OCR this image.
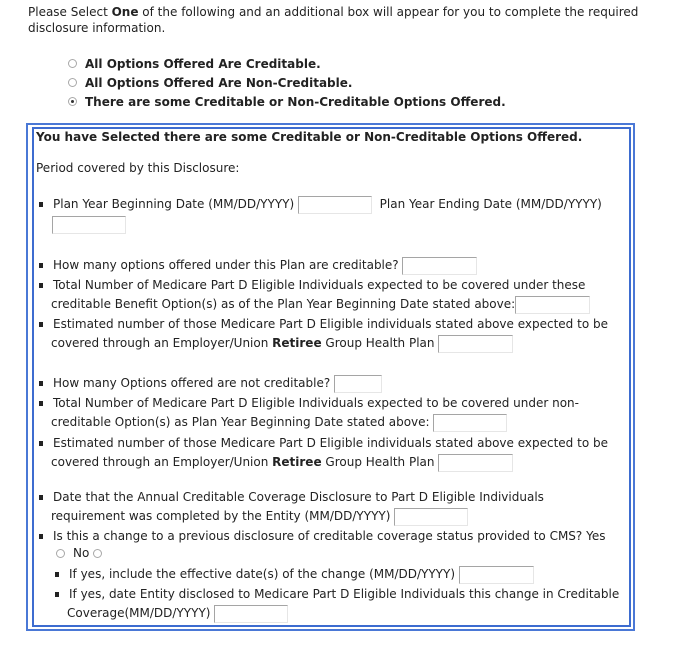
Please Select One of the following and an additional box will appear for you to complete the required disclosure information.
All Options Offered Are Creditable.
All Options Offered Are Non-Creditable.
There are some Creditable or Non-Creditable Options Offered.
You have Selected there are some Creditable or Non-Creditable Options Offered.
Period covered by this Disclosure:
Plan Year Beginning Date (MM/DD/YYYY)	Plan Year Ending Date (MM/DD/YYYY)
How many options offered under this Plan are creditable?
Total Number of Medicare Part D Eligible Individuals expected to be covered under these
creditable Benefit Option(s) as of the Plan Year Beginning Date stated above:
Estimated number of those Medicare Part D Eligible individuals stated above expected to be
covered through an Employer/Union Retiree Group Health Plan
How many Options offered are not creditable?
Total Number of Medicare Part D Eligible Individuals expected to be covered under non-
creditable Option(s) as Plan Year Beginning Date stated above:
Estimated number of those Medicare Part D Eligible individuals stated above expected to be
covered through an Employer/Union Retiree Group Health Plan
Date that the Annual Creditable Coverage Disclosure to Part D Eligible Individuals
requirement was completed by the Entity (MM/DD/YYYY)
Is this a change to a previous disclosure of creditable coverage status provided to CMS? Yes
No
If yes, include the effective date(s) of the change (MM/DD/YYYY)
If yes, date Entity disclosed to Medicare Part D Eligible Individuals this change in Creditable
Coverage(MM/DD/YYYY)
